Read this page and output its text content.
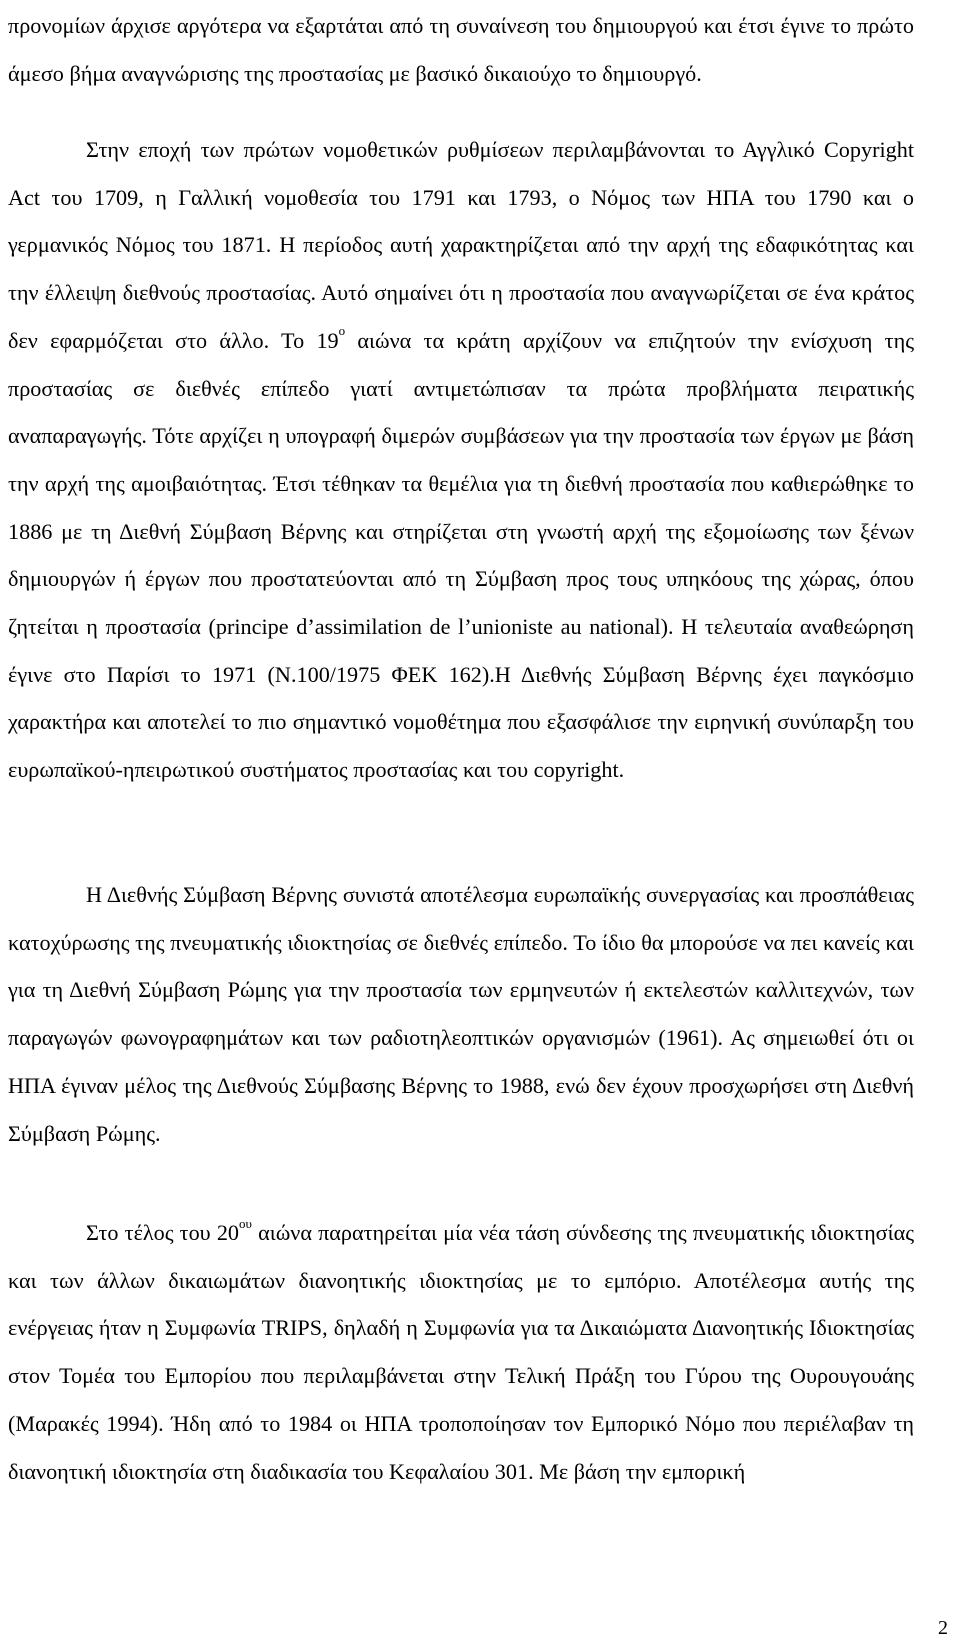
προνομίων άρχισε αργότερα να εξαρτάται από τη συναίνεση του δημιουργού και έτσι έγινε το πρώτο άμεσο βήμα αναγνώρισης της προστασίας με βασικό δικαιούχο το δημιουργό.

Στην εποχή των πρώτων νομοθετικών ρυθμίσεων περιλαμβάνονται το Αγγλικό Copyright Act του 1709, η Γαλλική νομοθεσία του 1791 και 1793, ο Νόμος των ΗΠΑ του 1790 και ο γερμανικός Νόμος του 1871. Η περίοδος αυτή χαρακτηρίζεται από την αρχή της εδαφικότητας και την έλλειψη διεθνούς προστασίας. Αυτό σημαίνει ότι η προστασία που αναγνωρίζεται σε ένα κράτος δεν εφαρμόζεται στο άλλο. Το $19^o$ αιώνα τα κράτη αρχίζουν να επιζητούν την ενίσχυση της προστασίας σε διεθνές επίπεδο γιατί αντιμετώπισαν τα πρώτα προβλήματα πειρατικής αναπαραγωγής. Τότε αρχίζει η υπογραφή διμερών συμβάσεων για την προστασία των έργων με βάση την αρχή της αμοιβαιότητας. Έτσι τέθηκαν τα θεμέλια για τη διεθνή προστασία που καθιερώθηκε το 1886 με τη Διεθνή Σύμβαση Βέρνης και στηρίζεται στη γνωστή αρχή της εξομοίωσης των ξένων δημιουργών ή έργων που προστατεύονται από τη Σύμβαση προς τους υπηκόους της χώρας, όπου ζητείται η προστασία (principe d’assimilation de l’unioniste au national). Η τελευταία αναθεώρηση έγινε στο Παρίσι το 1971 (Ν.100/1975 ΦΕΚ 162).Η Διεθνής Σύμβαση Βέρνης έχει παγκόσμιο χαρακτήρα και αποτελεί το πιο σημαντικό νομοθέτημα που εξασφάλισε την ειρηνική συνύπαρξη του ευρωπαϊκού-ηπειρωτικού συστήματος προστασίας και του copyright.

Η Διεθνής Σύμβαση Βέρνης συνιστά αποτέλεσμα ευρωπαϊκής συνεργασίας και προσπάθειας κατοχύρωσης της πνευματικής ιδιοκτησίας σε διεθνές επίπεδο. Το ίδιο θα μπορούσε να πει κανείς και για τη Διεθνή Σύμβαση Ρώμης για την προστασία των ερμηνευτών ή εκτελεστών καλλιτεχνών, των παραγωγών φωνογραφημάτων και των ραδιοτηλεοπτικών οργανισμών (1961). Ας σημειωθεί ότι οι ΗΠΑ έγιναν μέλος της Διεθνούς Σύμβασης Βέρνης το 1988, ενώ δεν έχουν προσχωρήσει στη Διεθνή Σύμβαση Ρώμης.

Στο τέλος του $20^{o\upsilon}$ αιώνα παρατηρείται μία νέα τάση σύνδεσης της πνευματικής ιδιοκτησίας και των άλλων δικαιωμάτων διανοητικής ιδιοκτησίας με το εμπόριο. Αποτέλεσμα αυτής της ενέργειας ήταν η Συμφωνία TRIPS, δηλαδή η Συμφωνία για τα Δικαιώματα Διανοητικής Ιδιοκτησίας στον Τομέα του Εμπορίου που περιλαμβάνεται στην Τελική Πράξη του Γύρου της Ουρουγουάης (Μαρακές 1994). Ήδη από το 1984 οι ΗΠΑ τροποποίησαν τον Εμπορικό Νόμο που περιέλαβαν τη διανοητική ιδιοκτησία στη διαδικασία του Κεφαλαίου 301. Με βάση την εμπορική

2
